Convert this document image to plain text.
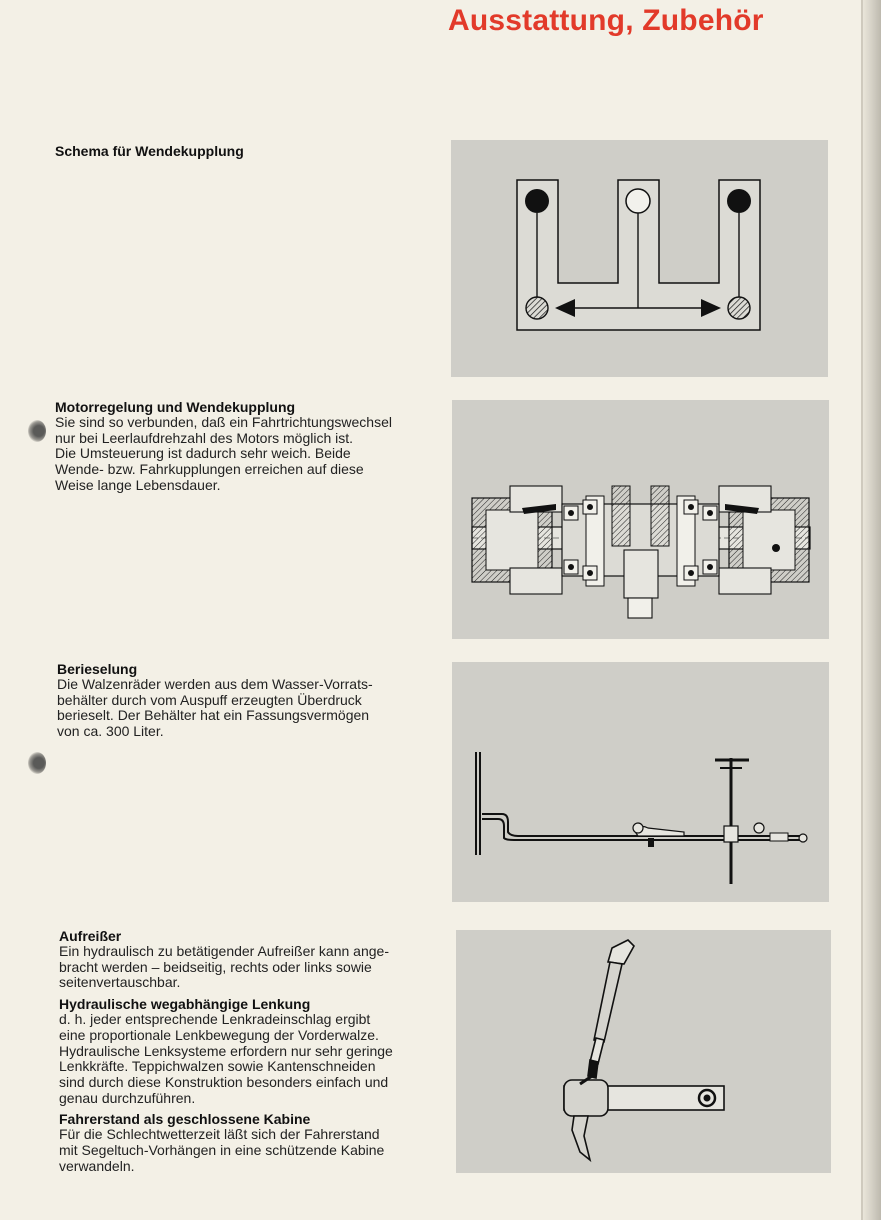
Ausstattung, Zubehör
Schema für Wendekupplung
Motorregelung und Wendekupplung
Sie sind so verbunden, daß ein Fahrtrichtungswechsel
nur bei Leerlaufdrehzahl des Motors möglich ist.
Die Umsteuerung ist dadurch sehr weich. Beide
Wende- bzw. Fahrkupplungen erreichen auf diese
Weise lange Lebensdauer.
Berieselung
Die Walzenräder werden aus dem Wasser-Vorrats-
behälter durch vom Auspuff erzeugten Überdruck
berieselt. Der Behälter hat ein Fassungsvermögen
von ca. 300 Liter.
Aufreißer
Ein hydraulisch zu betätigender Aufreißer kann ange-
bracht werden – beidseitig, rechts oder links sowie
seitenvertauschbar.
Hydraulische wegabhängige Lenkung
d. h. jeder entsprechende Lenkradeinschlag ergibt
eine proportionale Lenkbewegung der Vorderwalze.
Hydraulische Lenksysteme erfordern nur sehr geringe
Lenkkräfte. Teppichwalzen sowie Kantenschneiden
sind durch diese Konstruktion besonders einfach und
genau durchzuführen.
Fahrerstand als geschlossene Kabine
Für die Schlechtwetterzeit läßt sich der Fahrerstand
mit Segeltuch-Vorhängen in eine schützende Kabine
verwandeln.
